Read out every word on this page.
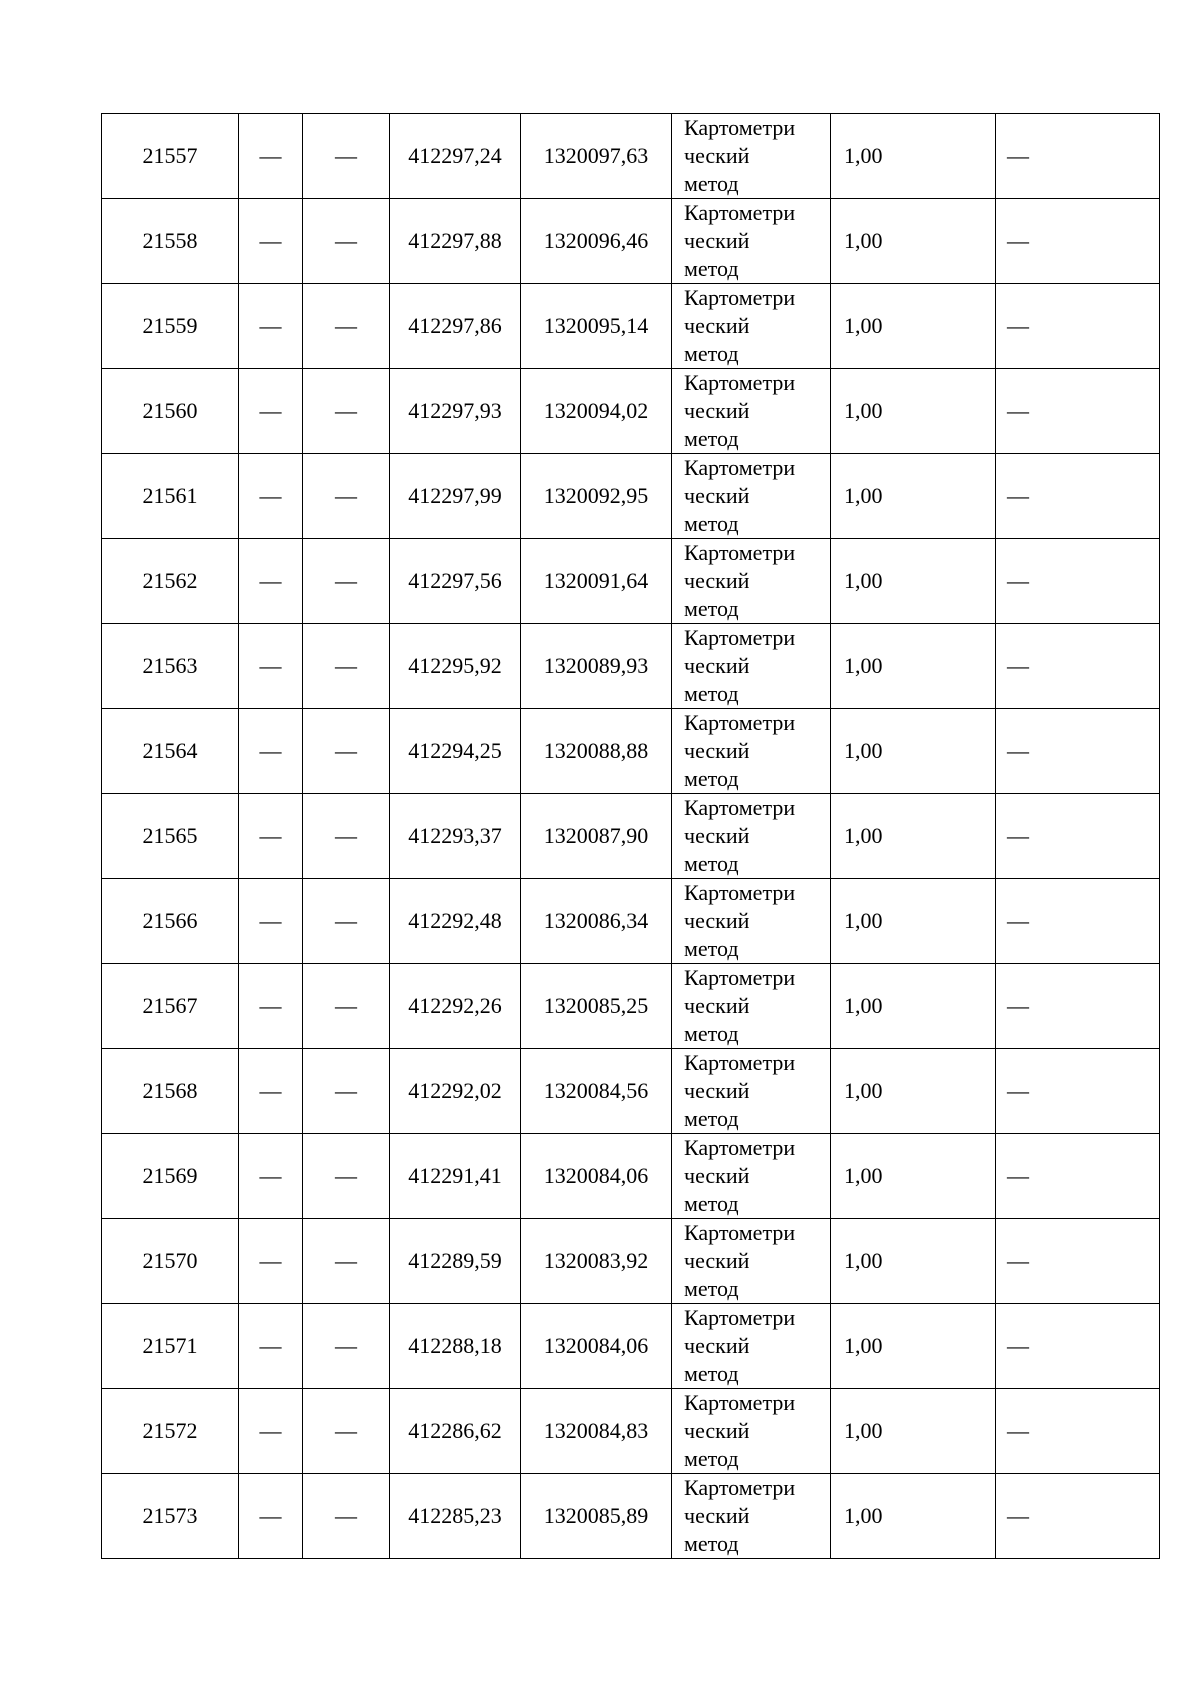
21557	—	—	412297,24	1320097,63	Картометри
ческий
метод	1,00	—
21558	—	—	412297,88	1320096,46	Картометри
ческий
метод	1,00	—
21559	—	—	412297,86	1320095,14	Картометри
ческий
метод	1,00	—
21560	—	—	412297,93	1320094,02	Картометри
ческий
метод	1,00	—
21561	—	—	412297,99	1320092,95	Картометри
ческий
метод	1,00	—
21562	—	—	412297,56	1320091,64	Картометри
ческий
метод	1,00	—
21563	—	—	412295,92	1320089,93	Картометри
ческий
метод	1,00	—
21564	—	—	412294,25	1320088,88	Картометри
ческий
метод	1,00	—
21565	—	—	412293,37	1320087,90	Картометри
ческий
метод	1,00	—
21566	—	—	412292,48	1320086,34	Картометри
ческий
метод	1,00	—
21567	—	—	412292,26	1320085,25	Картометри
ческий
метод	1,00	—
21568	—	—	412292,02	1320084,56	Картометри
ческий
метод	1,00	—
21569	—	—	412291,41	1320084,06	Картометри
ческий
метод	1,00	—
21570	—	—	412289,59	1320083,92	Картометри
ческий
метод	1,00	—
21571	—	—	412288,18	1320084,06	Картометри
ческий
метод	1,00	—
21572	—	—	412286,62	1320084,83	Картометри
ческий
метод	1,00	—
21573	—	—	412285,23	1320085,89	Картометри
ческий
метод	1,00	—
